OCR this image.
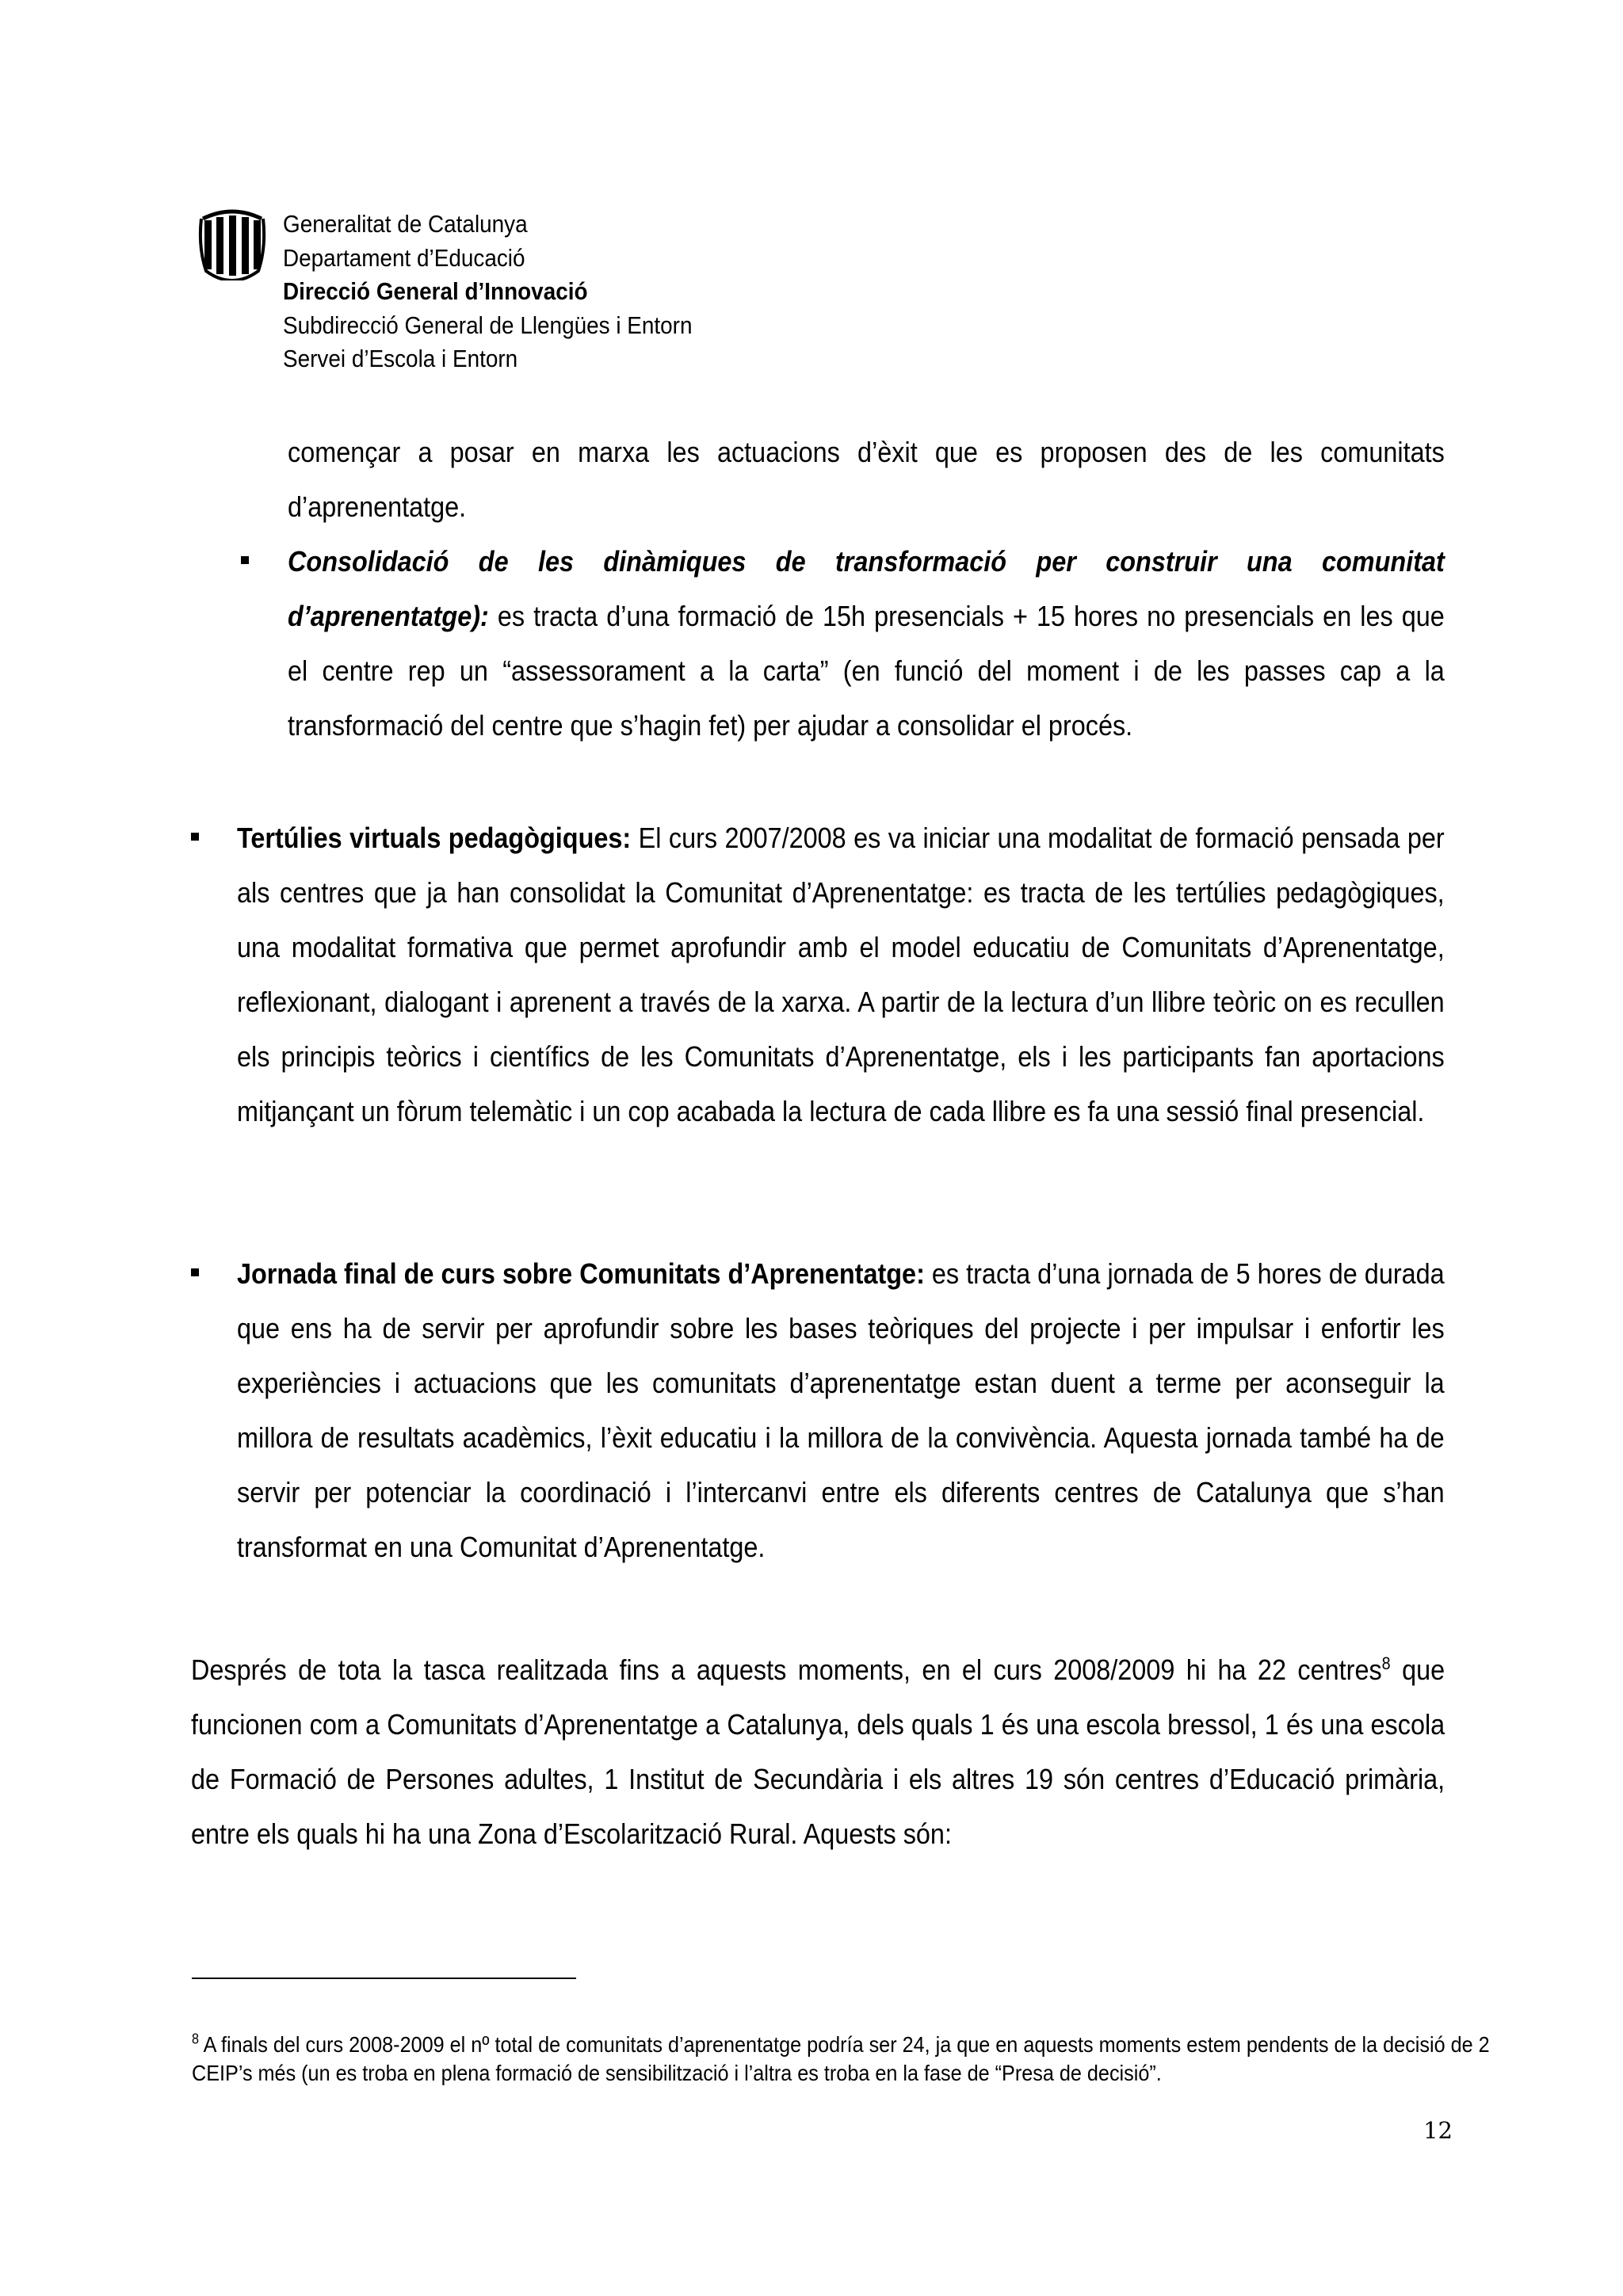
Generalitat de Catalunya
Departament d’Educació
Direcció General d’Innovació
Subdirecció General de Llengües i Entorn
Servei d’Escola i Entorn

començar a posar en marxa les actuacions d’èxit que es proposen des de les comunitats d’aprenentatge.

Consolidació de les dinàmiques de transformació per construir una comunitat d’aprenentatge): es tracta d’una formació de 15h presencials + 15 hores no presencials en les que el centre rep un “assessorament a la carta” (en funció del moment i de les passes cap a la transformació del centre que s’hagin fet) per ajudar a consolidar el procés.

Tertúlies virtuals pedagògiques: El curs 2007/2008 es va iniciar una modalitat de formació pensada per als centres que ja han consolidat la Comunitat d’Aprenentatge: es tracta de les tertúlies pedagògiques, una modalitat formativa que permet aprofundir amb el model educatiu de Comunitats d’Aprenentatge, reflexionant, dialogant i aprenent a través de la xarxa. A partir de la lectura d’un llibre teòric on es recullen els principis teòrics i científics de les Comunitats d’Aprenentatge, els i les participants fan aportacions mitjançant un fòrum telemàtic i un cop acabada la lectura de cada llibre es fa una sessió final presencial.

Jornada final de curs sobre Comunitats d’Aprenentatge: es tracta d’una jornada de 5 hores de durada que ens ha de servir per aprofundir sobre les bases teòriques del projecte i per impulsar i enfortir les experiències i actuacions que les comunitats d’aprenentatge estan duent a terme per aconseguir la millora de resultats acadèmics, l’èxit educatiu i la millora de la convivència. Aquesta jornada també ha de servir per potenciar la coordinació i l’intercanvi entre els diferents centres de Catalunya que s’han transformat en una Comunitat d’Aprenentatge.

Després de tota la tasca realitzada fins a aquests moments, en el curs 2008/2009 hi ha 22 centres$^8$ que funcionen com a Comunitats d’Aprenentatge a Catalunya, dels quals 1 és una escola bressol, 1 és una escola de Formació de Persones adultes, 1 Institut de Secundària i els altres 19 són centres d’Educació primària, entre els quals hi ha una Zona d’Escolarització Rural. Aquests són:

$^8$ A finals del curs 2008-2009 el nº total de comunitats d’aprenentatge podría ser 24, ja que en aquests moments estem pendents de la decisió de 2 CEIP’s més (un es troba en plena formació de sensibilització i l’altra es troba en la fase de “Presa de decisió”.
12
